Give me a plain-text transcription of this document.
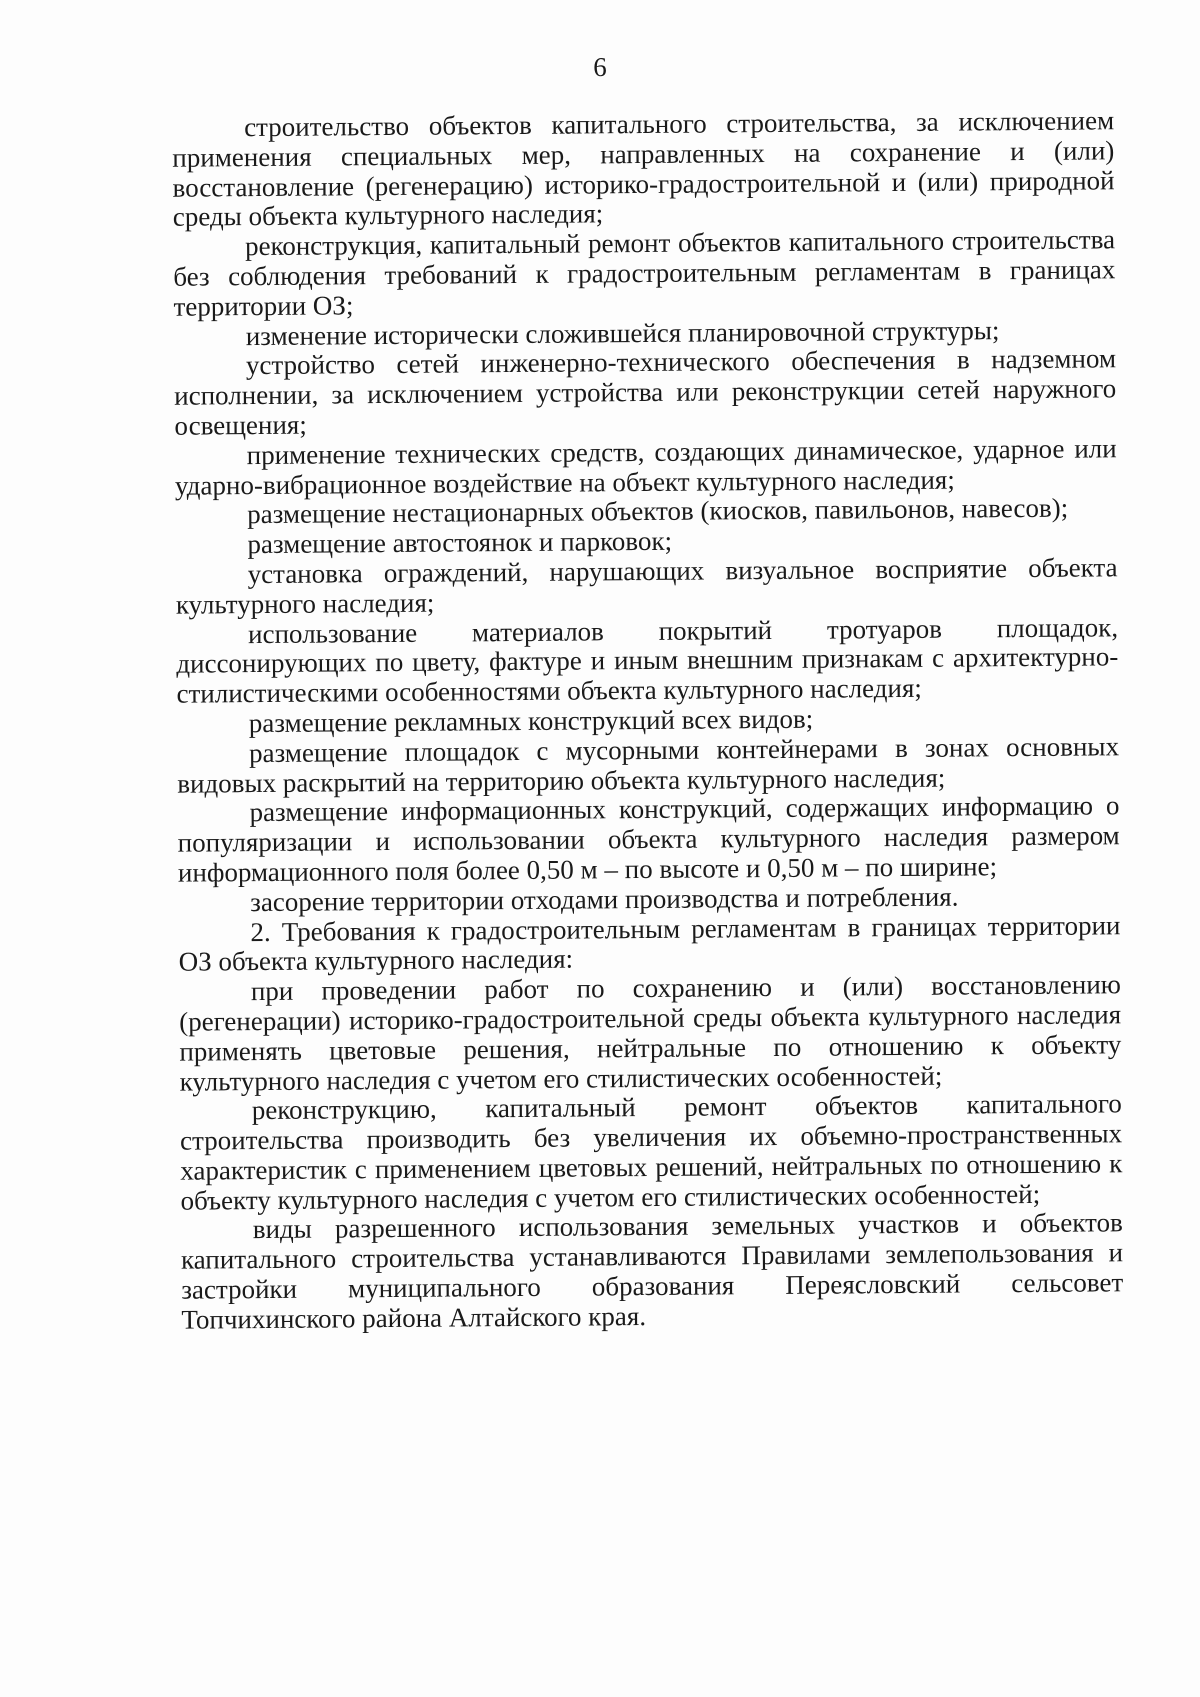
6

строительство объектов капитального строительства, за исключением применения специальных мер, направленных на сохранение и (или) восстановление (регенерацию) историко-градостроительной и (или) природной среды объекта культурного наследия;

реконструкция, капитальный ремонт объектов капитального строительства без соблюдения требований к градостроительным регламентам в границах территории ОЗ;

изменение исторически сложившейся планировочной структуры;

устройство сетей инженерно-технического обеспечения в надземном исполнении, за исключением устройства или реконструкции сетей наружного освещения;

применение технических средств, создающих динамическое, ударное или ударно-вибрационное воздействие на объект культурного наследия;

размещение нестационарных объектов (киосков, павильонов, навесов);

размещение автостоянок и парковок;

установка ограждений, нарушающих визуальное восприятие объекта культурного наследия;

использование материалов покрытий тротуаров площадок, диссонирующих по цвету, фактуре и иным внешним признакам с архитектурно-стилистическими особенностями объекта культурного наследия;

размещение рекламных конструкций всех видов;

размещение площадок с мусорными контейнерами в зонах основных видовых раскрытий на территорию объекта культурного наследия;

размещение информационных конструкций, содержащих информацию о популяризации и использовании объекта культурного наследия размером информационного поля более 0,50 м – по высоте и 0,50 м – по ширине;

засорение территории отходами производства и потребления.

2. Требования к градостроительным регламентам в границах территории ОЗ объекта культурного наследия:

при проведении работ по сохранению и (или) восстановлению (регенерации) историко-градостроительной среды объекта культурного наследия применять цветовые решения, нейтральные по отношению к объекту культурного наследия с учетом его стилистических особенностей;

реконструкцию, капитальный ремонт объектов капитального строительства производить без увеличения их объемно-пространственных характеристик с применением цветовых решений, нейтральных по отношению к объекту культурного наследия с учетом его стилистических особенностей;

виды разрешенного использования земельных участков и объектов капитального строительства устанавливаются Правилами землепользования и застройки муниципального образования Переясловский сельсовет Топчихинского района Алтайского края.
